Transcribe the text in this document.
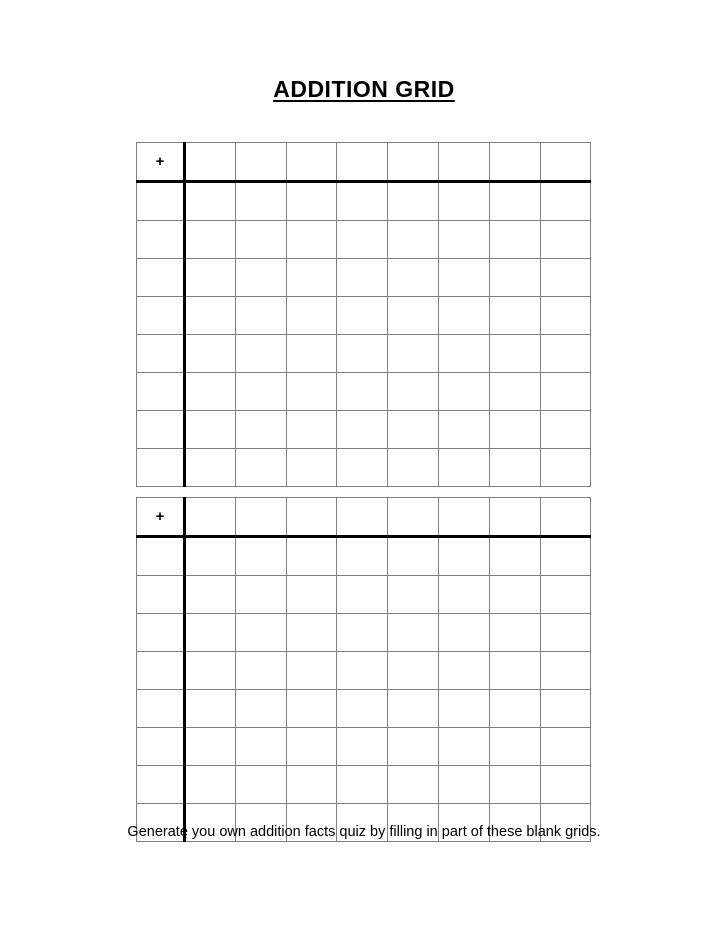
ADDITION GRID
+								

+								

Generate you own addition facts quiz by filling in part of these blank grids.
